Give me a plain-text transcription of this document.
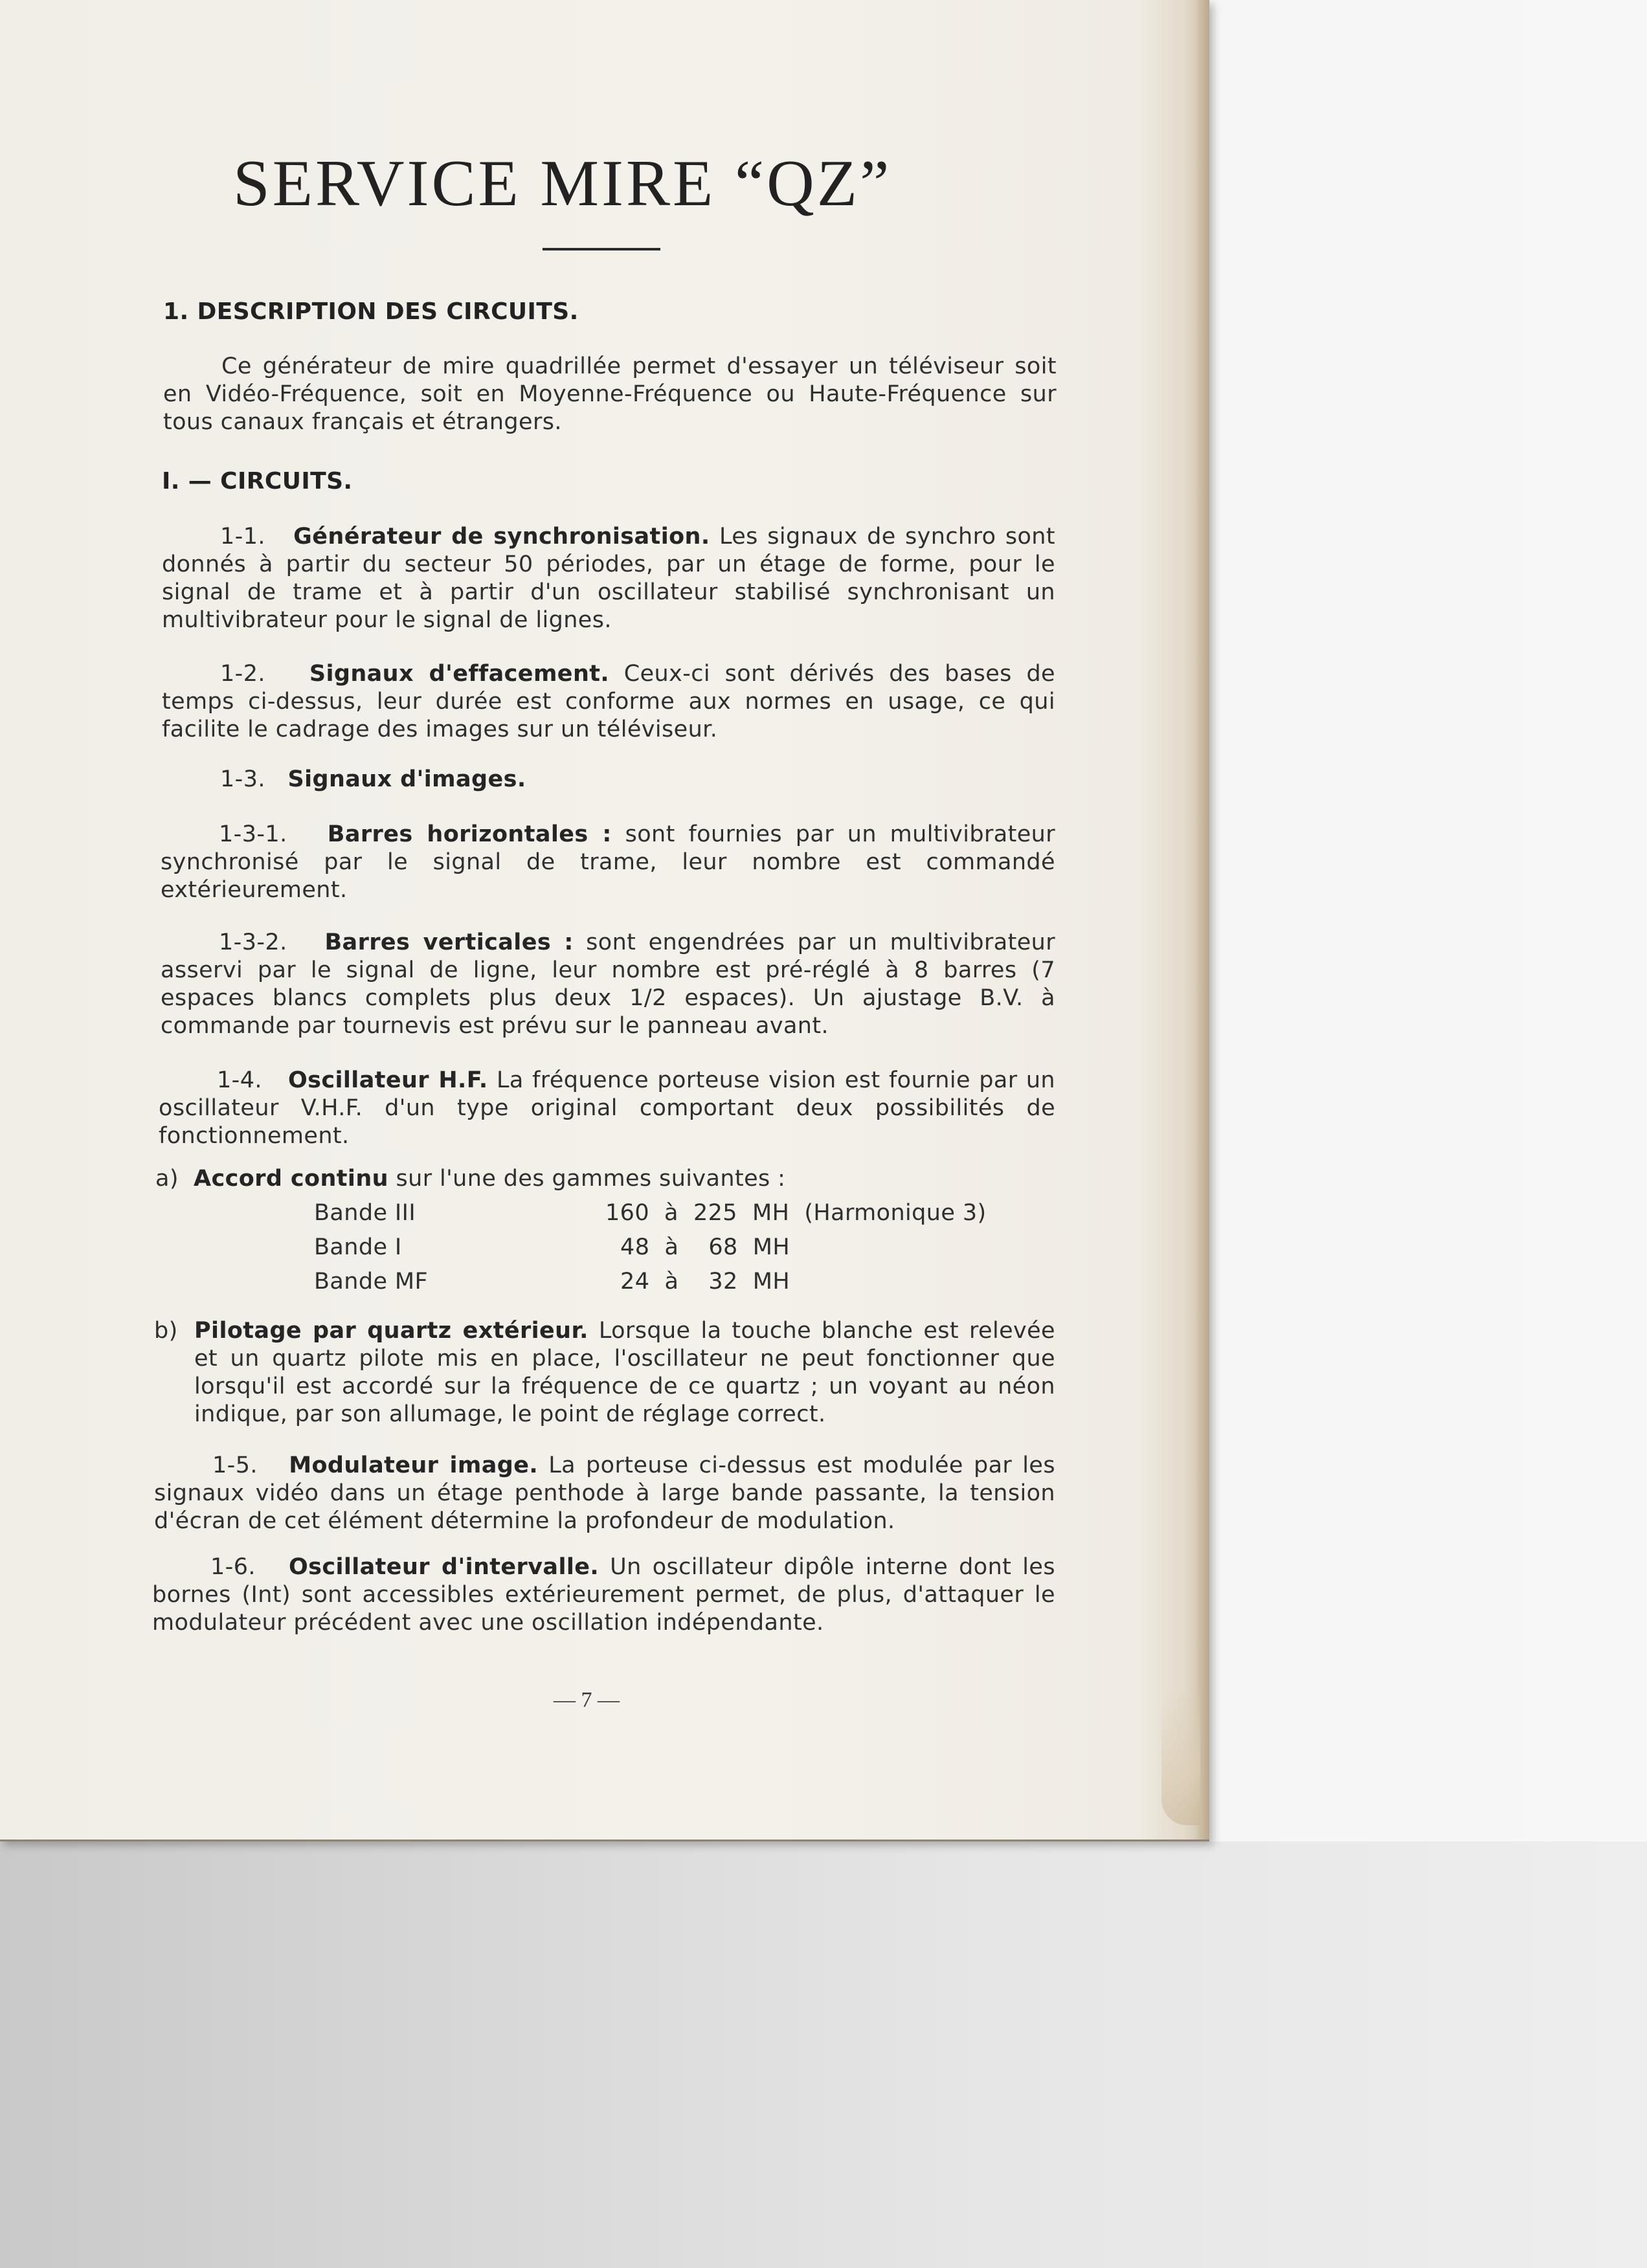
SERVICE MIRE “QZ”
1. DESCRIPTION DES CIRCUITS.
Ce générateur de mire quadrillée permet d'essayer un téléviseur soit en Vidéo-Fréquence, soit en Moyenne-Fréquence ou Haute-Fréquence sur tous canaux français et étrangers.
I. — CIRCUITS.
1-1. Générateur de synchronisation. Les signaux de synchro sont donnés à partir du secteur 50 périodes, par un étage de forme, pour le signal de trame et à partir d'un oscillateur stabilisé synchronisant un multivibrateur pour le signal de lignes.
1-2. Signaux d'effacement. Ceux-ci sont dérivés des bases de temps ci-dessus, leur durée est conforme aux normes en usage, ce qui facilite le cadrage des images sur un téléviseur.
1-3. Signaux d'images.
1-3-1. Barres horizontales : sont fournies par un multivibrateur synchronisé par le signal de trame, leur nombre est commandé extérieurement.
1-3-2. Barres verticales : sont engendrées par un multivibrateur asservi par le signal de ligne, leur nombre est pré-réglé à 8 barres (7 espaces blancs complets plus deux 1/2 espaces). Un ajustage B.V. à commande par tournevis est prévu sur le panneau avant.
1-4. Oscillateur H.F. La fréquence porteuse vision est fournie par un oscillateur V.H.F. d'un type original comportant deux possibilités de fonctionnement.
a) Accord continu sur l'une des gammes suivantes :
Bande III	160  à  225  MH  (Harmonique 3)
Bande I	48  à    68  MH
Bande MF	24  à    32  MH
b) Pilotage par quartz extérieur. Lorsque la touche blanche est relevée et un quartz pilote mis en place, l'oscillateur ne peut fonctionner que lorsqu'il est accordé sur la fréquence de ce quartz ; un voyant au néon indique, par son allumage, le point de réglage correct.
1-5. Modulateur image. La porteuse ci-dessus est modulée par les signaux vidéo dans un étage penthode à large bande passante, la tension d'écran de cet élément détermine la profondeur de modulation.
1-6. Oscillateur d'intervalle. Un oscillateur dipôle interne dont les bornes (Int) sont accessibles extérieurement permet, de plus, d'attaquer le modulateur précédent avec une oscillation indépendante.
— 7 —
